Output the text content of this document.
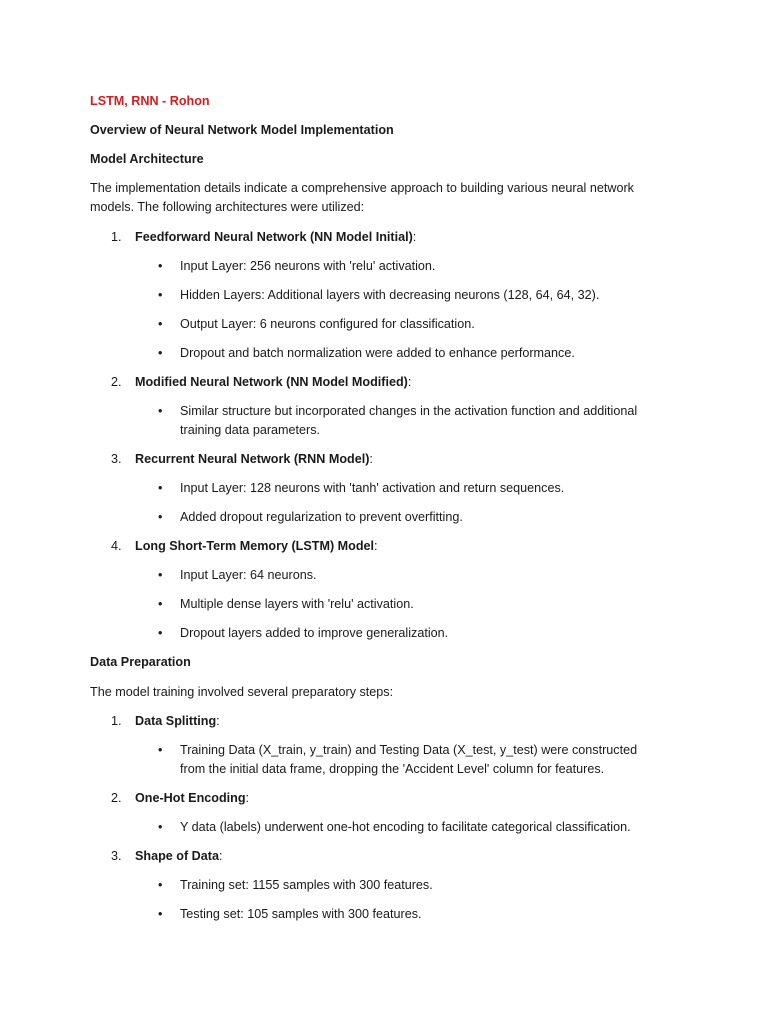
LSTM, RNN - Rohon
Overview of Neural Network Model Implementation
Model Architecture
The implementation details indicate a comprehensive approach to building various neural network
models. The following architectures were utilized:
1. Feedforward Neural Network (NN Model Initial):
• Input Layer: 256 neurons with 'relu' activation.
• Hidden Layers: Additional layers with decreasing neurons (128, 64, 64, 32).
• Output Layer: 6 neurons configured for classification.
• Dropout and batch normalization were added to enhance performance.
2. Modified Neural Network (NN Model Modified):
• Similar structure but incorporated changes in the activation function and additional training data parameters.
3. Recurrent Neural Network (RNN Model):
• Input Layer: 128 neurons with 'tanh' activation and return sequences.
• Added dropout regularization to prevent overfitting.
4. Long Short-Term Memory (LSTM) Model:
• Input Layer: 64 neurons.
• Multiple dense layers with 'relu' activation.
• Dropout layers added to improve generalization.
Data Preparation
The model training involved several preparatory steps:
1. Data Splitting:
• Training Data (X_train, y_train) and Testing Data (X_test, y_test) were constructed from the initial data frame, dropping the 'Accident Level' column for features.
2. One-Hot Encoding:
• Y data (labels) underwent one-hot encoding to facilitate categorical classification.
3. Shape of Data:
• Training set: 1155 samples with 300 features.
• Testing set: 105 samples with 300 features.
